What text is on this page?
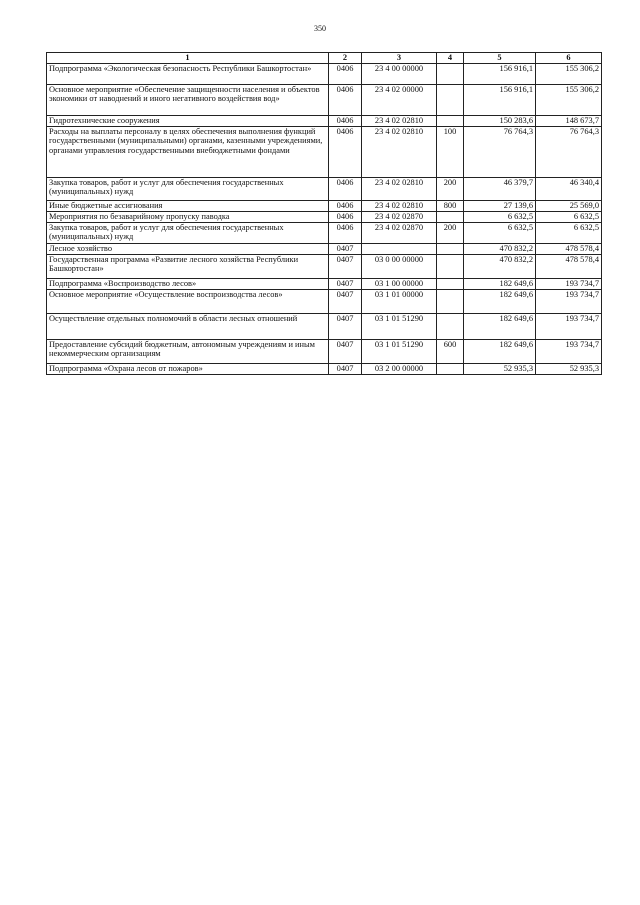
350
1	2	3	4	5	6
Подпрограмма «Экологическая безопасность Республики Башкортостан»	0406	23 4 00 00000		156 916,1	155 306,2
Основное мероприятие «Обеспечение защищенности населения и объектов экономики от наводнений и иного негативного воздействия вод»	0406	23 4 02 00000		156 916,1	155 306,2
Гидротехнические сооружения	0406	23 4 02 02810		150 283,6	148 673,7
Расходы на выплаты персоналу в целях обеспечения выполнения функций государственными (муниципальными) органами, казенными учреждениями, органами управления государственными внебюджетными фондами	0406	23 4 02 02810	100	76 764,3	76 764,3
Закупка товаров, работ и услуг для обеспечения государственных (муниципальных) нужд	0406	23 4 02 02810	200	46 379,7	46 340,4
Иные бюджетные ассигнования	0406	23 4 02 02810	800	27 139,6	25 569,0
Мероприятия по безаварийному пропуску паводка	0406	23 4 02 02870		6 632,5	6 632,5
Закупка товаров, работ и услуг для обеспечения государственных (муниципальных) нужд	0406	23 4 02 02870	200	6 632,5	6 632,5
Лесное хозяйство	0407			470 832,2	478 578,4
Государственная программа «Развитие лесного хозяйства Республики Башкортостан»	0407	03 0 00 00000		470 832,2	478 578,4
Подпрограмма «Воспроизводство лесов»	0407	03 1 00 00000		182 649,6	193 734,7
Основное мероприятие «Осуществление воспроизводства лесов»	0407	03 1 01 00000		182 649,6	193 734,7
Осуществление отдельных полномочий в области лесных отношений	0407	03 1 01 51290		182 649,6	193 734,7
Предоставление субсидий бюджетным, автономным учреждениям и иным некоммерческим организациям	0407	03 1 01 51290	600	182 649,6	193 734,7
Подпрограмма «Охрана лесов от пожаров»	0407	03 2 00 00000		52 935,3	52 935,3
